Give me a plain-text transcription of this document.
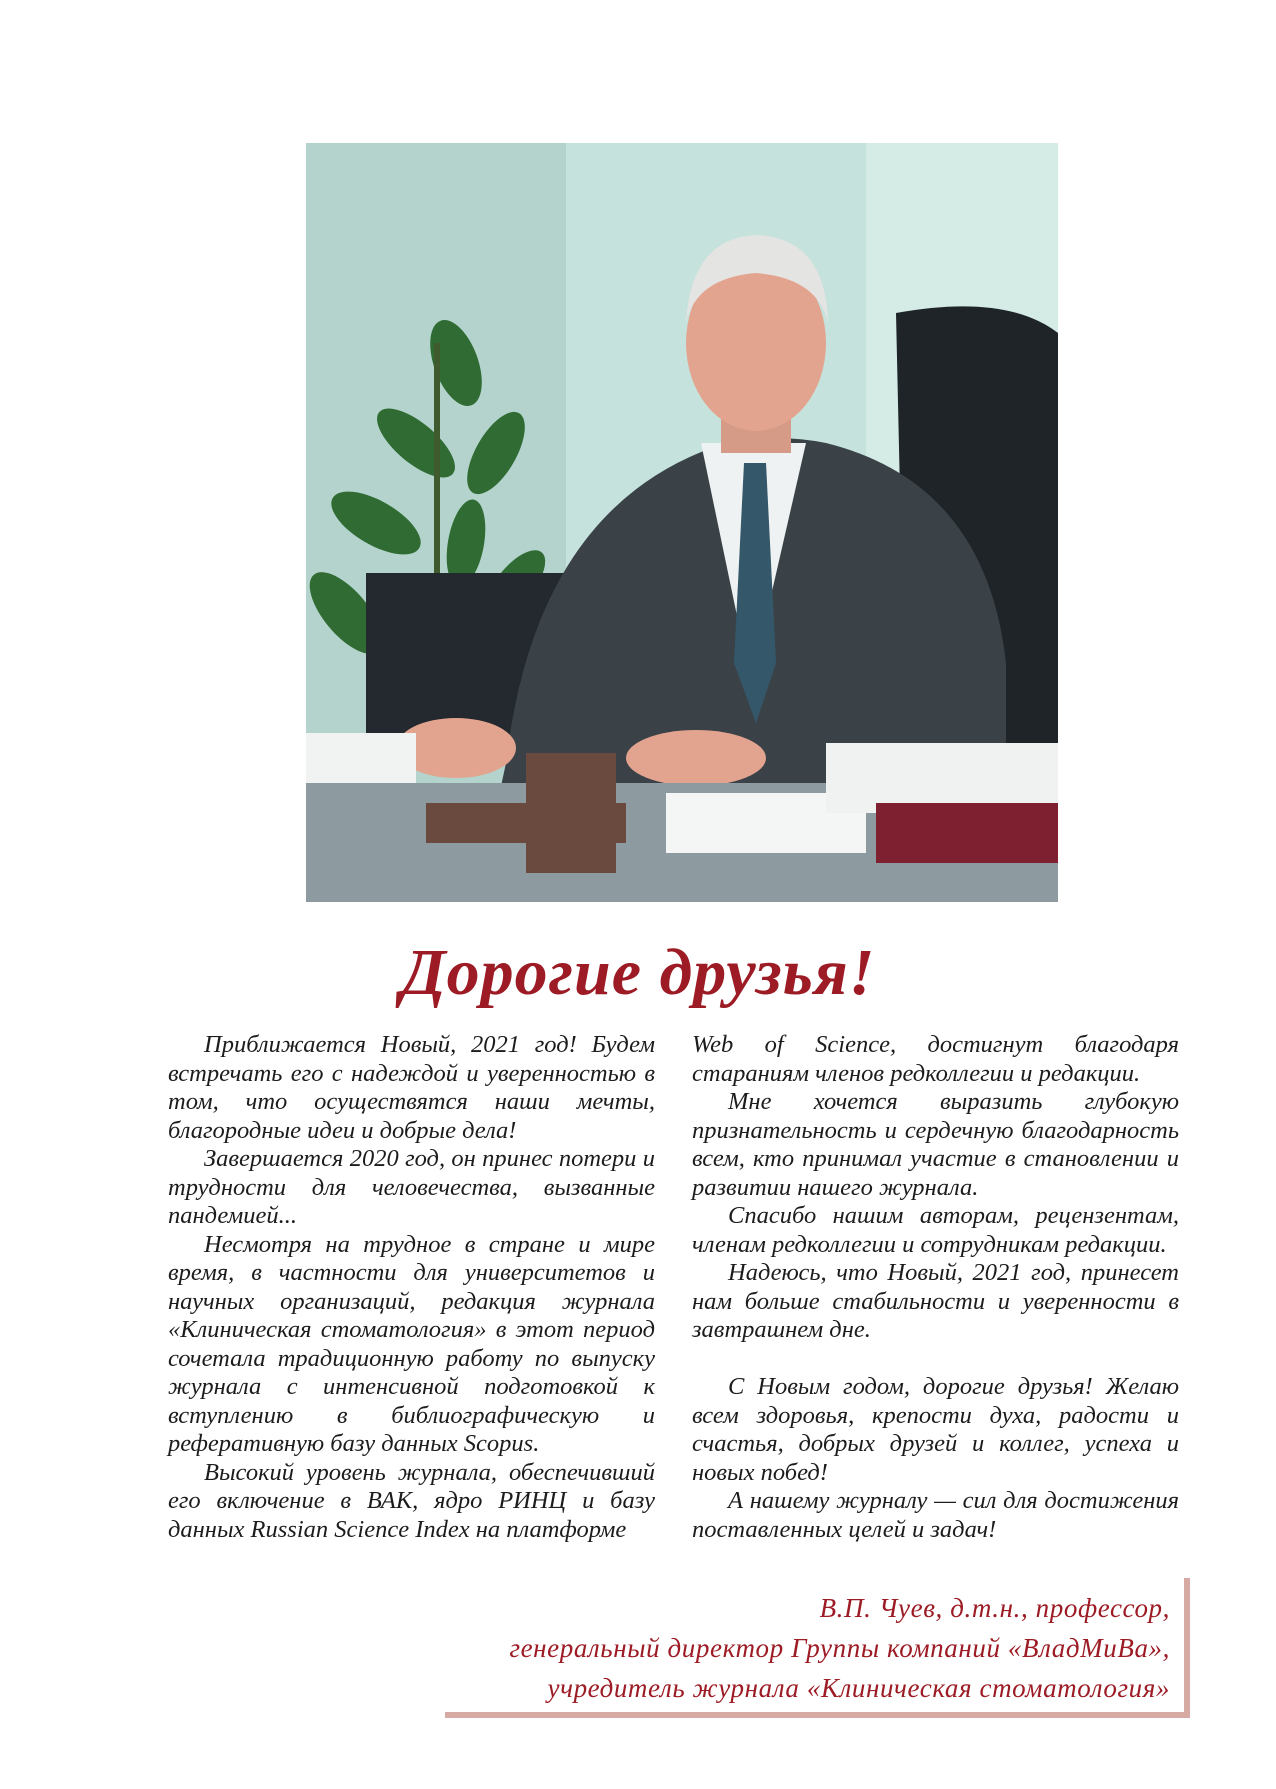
Дорогие друзья!

Приближается Новый, 2021 год! Будем встречать его с надеждой и уверенностью в том, что осуществятся наши мечты, благородные идеи и добрые дела!

Завершается 2020 год, он принес потери и трудности для человечества, вызванные пандемией...

Несмотря на трудное в стране и мире время, в частности для университетов и научных организаций, редакция журнала «Клиническая стоматология» в этот период сочетала традиционную работу по выпуску журнала с интенсивной подготовкой к вступлению в библиографическую и реферативную базу данных Scopus.

Высокий уровень журнала, обеспечивший его включение в ВАК, ядро РИНЦ и базу данных Russian Science Index на платформе

Web of Science, достигнут благодаря стараниям членов редколлегии и редакции.

Мне хочется выразить глубокую признательность и сердечную благодарность всем, кто принимал участие в становлении и развитии нашего журнала.

Спасибо нашим авторам, рецензентам, членам редколлегии и сотрудникам редакции.

Надеюсь, что Новый, 2021 год, принесет нам больше стабильности и уверенности в завтрашнем дне.

С Новым годом, дорогие друзья! Желаю всем здоровья, крепости духа, радости и счастья, добрых друзей и коллег, успеха и новых побед!

А нашему журналу — сил для достижения поставленных целей и задач!

В.П. Чуев, д.т.н., профессор,
генеральный директор Группы компаний «ВладМиВа»,
учредитель журнала «Клиническая стоматология»
